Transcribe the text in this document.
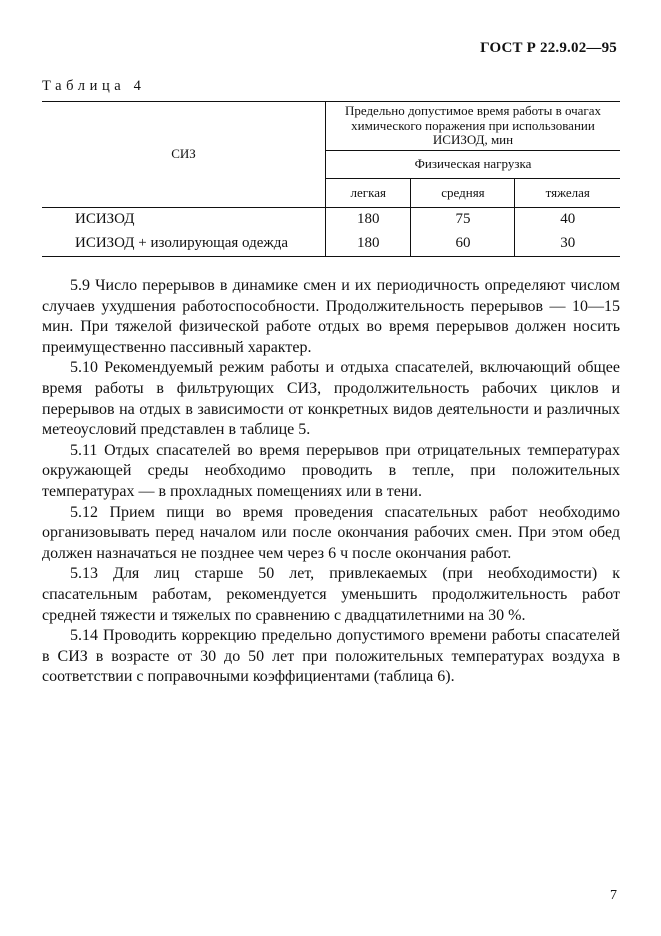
ГОСТ Р 22.9.02—95
Таблица 4
СИЗ	Предельно допустимое время работы в очагах химического поражения при использовании ИСИЗОД, мин		
	Физическая нагрузка		
	легкая	средняя	тяжелая
ИСИЗОД	180	75	40
ИСИЗОД + изолирующая одежда	180	60	30

5.9 Число перерывов в динамике смен и их периодичность определяют числом случаев ухудшения работоспособности. Продолжительность перерывов — 10—15 мин. При тяжелой физической работе отдых во время перерывов должен носить преимущественно пассивный характер.

5.10 Рекомендуемый режим работы и отдыха спасателей, включающий общее время работы в фильтрующих СИЗ, продолжительность рабочих циклов и перерывов на отдых в зависимости от конкретных видов деятельности и различных метеоусловий представлен в таблице 5.

5.11 Отдых спасателей во время перерывов при отрицательных температурах окружающей среды необходимо проводить в тепле, при положительных температурах — в прохладных помещениях или в тени.

5.12 Прием пищи во время проведения спасательных работ необходимо организовывать перед началом или после окончания рабочих смен. При этом обед должен назначаться не позднее чем через 6 ч после окончания работ.

5.13 Для лиц старше 50 лет, привлекаемых (при необходимости) к спасательным работам, рекомендуется уменьшить продолжительность работ средней тяжести и тяжелых по сравнению с двадцатилетними на 30 %.

5.14 Проводить коррекцию предельно допустимого времени работы спасателей в СИЗ в возрасте от 30 до 50 лет при положительных температурах воздуха в соответствии с поправочными коэффициентами (таблица 6).

7
